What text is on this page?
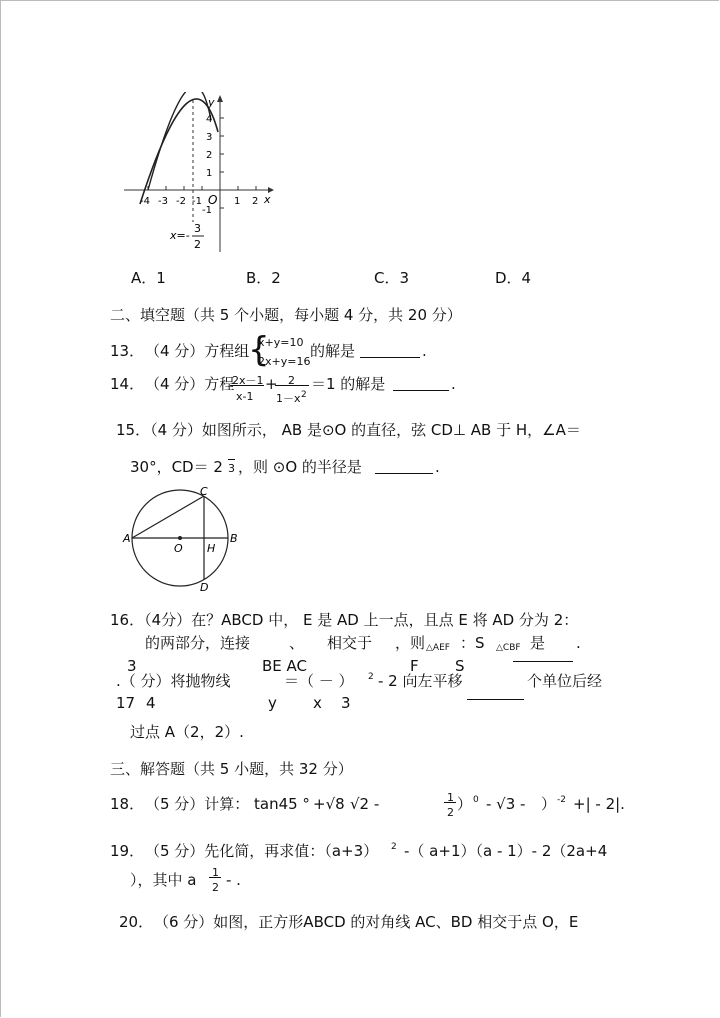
y
x
O
4
3
2
1
-1
-4 -3 -2 -1	1 2
x=-
3
2
A．1	B．2	C．3	D．4
二、填空题（共 5 个小题，每小题 4 分，共 20 分）
13． （4 分）方程组
{
x+y=10
2x+y=16
的解是	.
14． （4 分）方程
2x－1
x-1
+ 2
1－x 2
＝1 的解是	.
15．（4 分）如图所示， AB 是⊙O 的直径，弦 CD⊥ AB 于 H，∠A＝
30°，CD＝ 2 3 ，则 ⊙O 的半径是	.
C
A	B
O H
D
16．（4分）在？ABCD 中， E 是 AD 上一点，且点 E 将 AD 分为 2：
的两部分，连接	、 相交于 ，则 △AEF ：S △CBF 是 .
3	BE AC	F S
.（ 分）将抛物线	＝（ － ） 2 - 2 向左平移	个单位后经
17 4	y x 3
过点 A（2，2）.
三、解答题（共 5 小题，共 32 分）
18． （5 分）计算： tan45 ° +√8 √2 -	1
2 ） 0 - √3 - ） -2 +| - 2|.
19． （5 分）先化简，再求值：（a+3） 2 -（ a+1）（a - 1）- 2（2a+4
），其中 a 1
2 - .
20． （6 分）如图，正方形ABCD 的对角线 AC、BD 相交于点 O，E
